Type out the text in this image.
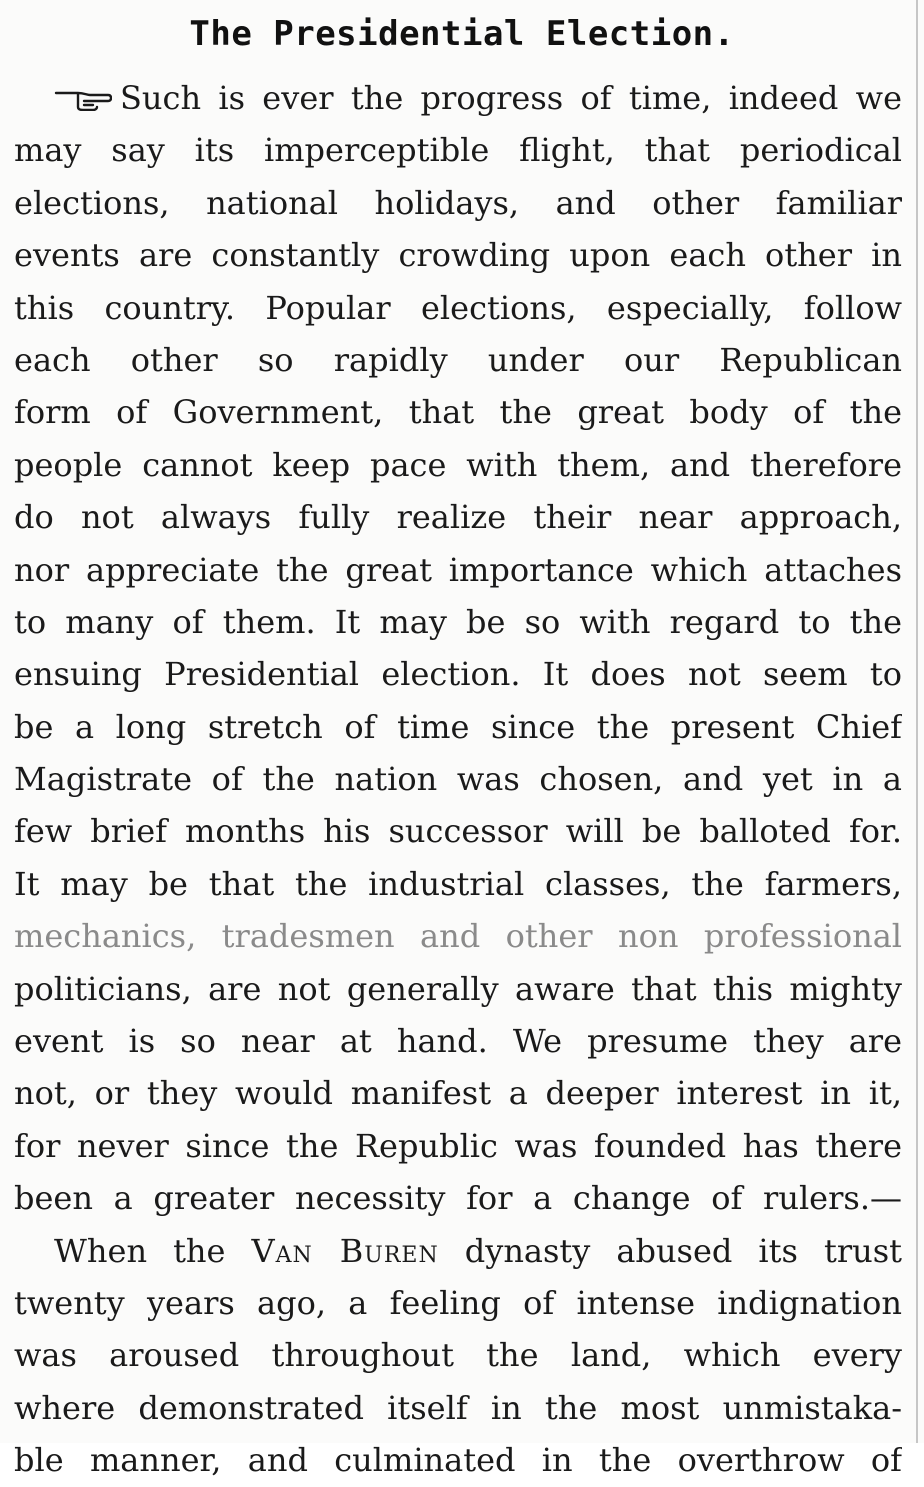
The Presidential Election.
Such is ever the progress of time, indeed we
may say its imperceptible flight, that periodical
elections, national holidays, and other familiar
events are constantly crowding upon each other in
this country. Popular elections, especially, follow
each other so rapidly under our Republican
form of Government, that the great body of the
people cannot keep pace with them, and therefore
do not always fully realize their near approach,
nor appreciate the great importance which attaches
to many of them. It may be so with regard to the
ensuing Presidential election. It does not seem to
be a long stretch of time since the present Chief
Magistrate of the nation was chosen, and yet in a
few brief months his successor will be balloted for.
It may be that the industrial classes, the farmers,
mechanics, tradesmen and other non professional
politicians, are not generally aware that this mighty
event is so near at hand. We presume they are
not, or they would manifest a deeper interest in it,
for never since the Republic was founded has there
been a greater necessity for a change of rulers.—
When the Van Buren dynasty abused its trust
twenty years ago, a feeling of intense indignation
was aroused throughout the land, which every
where demonstrated itself in the most unmistaka-
ble manner, and culminated in the overthrow of
